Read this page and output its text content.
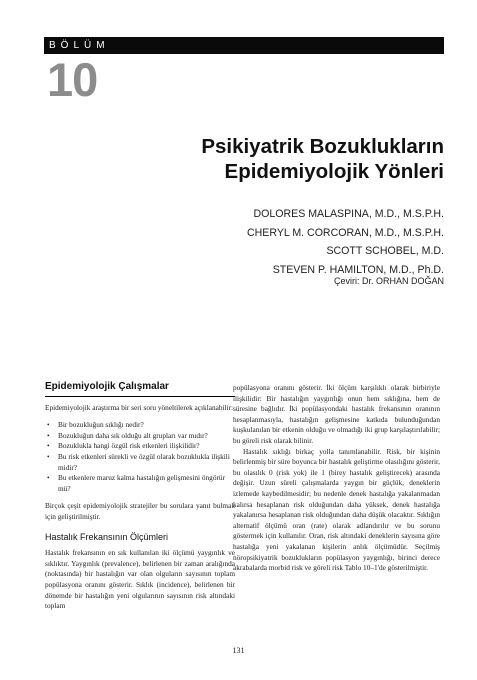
BÖLÜM
10
Psikiyatrik Bozuklukların
Epidemiyolojik Yönleri
DOLORES MALASPINA, M.D., M.S.P.H.
CHERYL M. CORCORAN, M.D., M.S.P.H.
SCOTT SCHOBEL, M.D.
STEVEN P. HAMILTON, M.D., Ph.D.
Çeviri: Dr. ORHAN DOĞAN
Epidemiyolojik Çalışmalar

Epidemiyolojik araştırma bir seri soru yöneltilerek açıklanabilir:

• Bir bozukluğun sıklığı nedir?
• Bozukluğun daha sık olduğu alt grupları var mıdır?
• Bozuklukla hangi özgül risk etkenleri ilişkilidir?
• Bu risk etkenleri sürekli ve özgül olarak bozuklukla ilişkili midir?
• Bu etkenlere maruz kalma hastalığın gelişmesini öngörür mü?

Birçok çeşit epidemiyolojik stratejiler bu sorulara yanıt bulmak için geliştirilmiştir.

Hastalık Frekansının Ölçümleri

Hastalık frekansının en sık kullanılan iki ölçümü yaygınlık ve sıklıktır. Yaygınlık (prevalence), belirlenen bir zaman aralığında (noktasında) bir hastalığın var olan olguların sayısının toplam popülasyona oranını gösterir. Sıklık (incidence), belirlenen bir dönemde bir hastalığın yeni olgularının sayısının risk altındaki toplam

popülasyona oranını gösterir. İki ölçüm karşılıklı olarak birbiriyle ilişkilidir: Bir hastalığın yaygınlığı onun hem sıklığına, hem de süresine bağlıdır. İki popülasyondaki hastalık frekansının oranının hesaplanmasıyla, hastalığın gelişmesine katkıda bulunduğundan kuşkulanılan bir etkenin olduğu ve olmadığı iki grup karşılaştırılabilir; bu göreli risk olarak bilinir.

Hastalık sıklığı birkaç yolla tanımlanabilir. Risk, bir kişinin belirlenmiş bir süre boyunca bir hastalık geliştirme olasılığını gösterir, bu olasılık 0 (risk yok) ile 1 (birey hastalık geliştirecek) arasında değişir. Uzun süreli çalışmalarda yaygın bir güçlük, deneklerin izlemede kaybedilmesidir; bu nedenle denek hastalığa yakalanmadan kalırsa hesaplanan risk olduğundan daha yüksek, denek hastalığa yakalanırsa hesaplanan risk olduğundan daha düşük olacaktır. Sıklığın alternatif ölçümü oran (rate) olarak adlandırılır ve bu sorunu göstermek için kullanılır. Oran, risk altındaki deneklerin sayısına göre hastalığa yeni yakalanan kişilerin anlık ölçümüdür. Seçilmiş nöropsikiyatrik bozuklukların popülasyon yaygınlığı, birinci derece akrabalarda morbid risk ve göreli risk Tablo 10–1'de gösterilmiştir.

131
